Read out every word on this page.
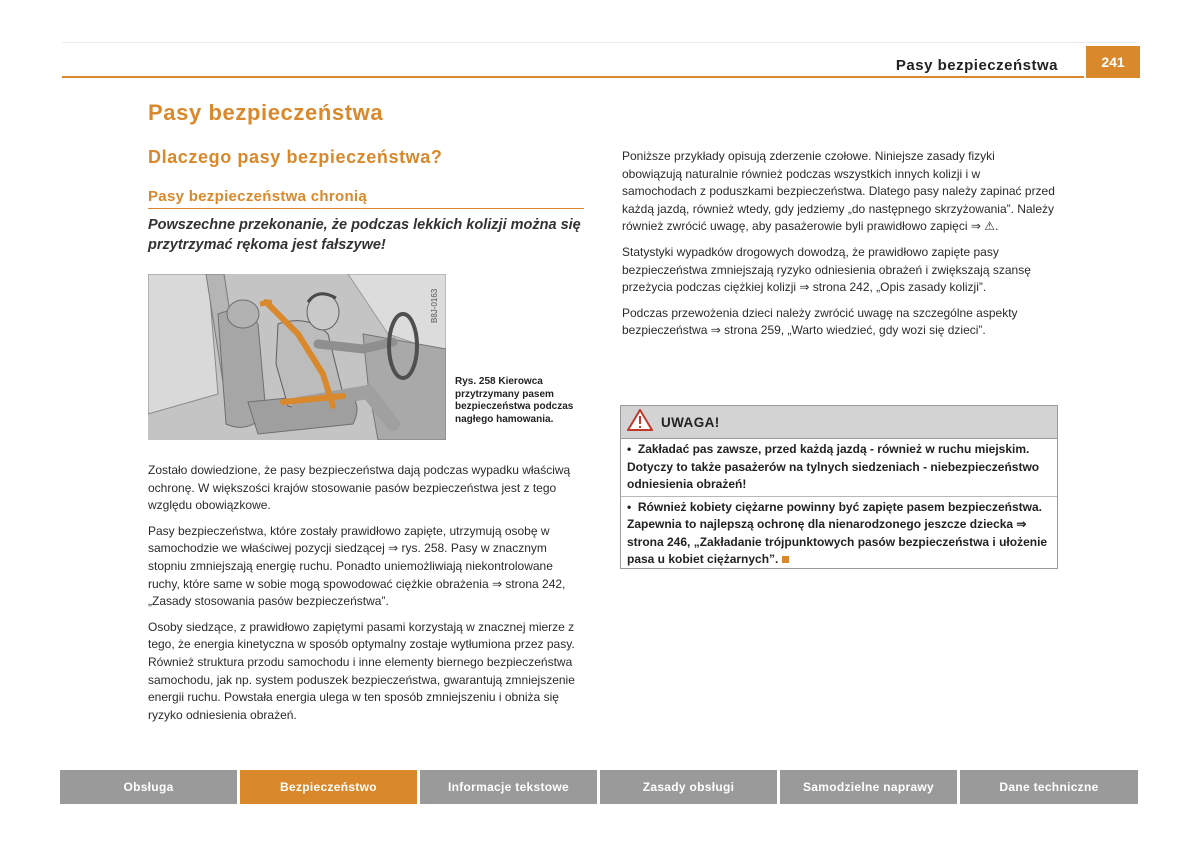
Pasy bezpieczeństwa	241
Pasy bezpieczeństwa
Dlaczego pasy bezpieczeństwa?
Pasy bezpieczeństwa chronią
Powszechne przekonanie, że podczas lekkich kolizji można się przytrzymać rękoma jest fałszywe!
B8J-0163
Rys. 258 Kierowca przytrzymany pasem bezpieczeństwa podczas nagłego hamowania.

Zostało dowiedzione, że pasy bezpieczeństwa dają podczas wypadku właściwą ochronę. W większości krajów stosowanie pasów bezpieczeństwa jest z tego względu obowiązkowe.

Pasy bezpieczeństwa, które zostały prawidłowo zapięte, utrzymują osobę w samochodzie we właściwej pozycji siedzącej ⇒ rys. 258. Pasy w znacznym stopniu zmniejszają energię ruchu. Ponadto uniemożliwiają niekontrolowane ruchy, które same w sobie mogą spowodować ciężkie obrażenia ⇒ strona 242, „Zasady stosowania pasów bezpieczeństwa”.

Osoby siedzące, z prawidłowo zapiętymi pasami korzystają w znacznej mierze z tego, że energia kinetyczna w sposób optymalny zostaje wytłumiona przez pasy. Również struktura przodu samochodu i inne elementy biernego bezpieczeństwa samochodu, jak np. system poduszek bezpieczeństwa, gwarantują zmniejszenie energii ruchu. Powstała energia ulega w ten sposób zmniejszeniu i obniża się ryzyko odniesienia obrażeń.

Poniższe przykłady opisują zderzenie czołowe. Niniejsze zasady fizyki obowiązują naturalnie również podczas wszystkich innych kolizji i w samochodach z poduszkami bezpieczeństwa. Dlatego pasy należy zapinać przed każdą jazdą, również wtedy, gdy jedziemy „do następnego skrzyżowania”. Należy również zwrócić uwagę, aby pasażerowie byli prawidłowo zapięci ⇒ ⚠.

Statystyki wypadków drogowych dowodzą, że prawidłowo zapięte pasy bezpieczeństwa zmniejszają ryzyko odniesienia obrażeń i zwiększają szansę przeżycia podczas ciężkiej kolizji ⇒ strona 242, „Opis zasady kolizji”.

Podczas przewożenia dzieci należy zwrócić uwagę na szczególne aspekty bezpieczeństwa ⇒ strona 259, „Warto wiedzieć, gdy wozi się dzieci”.

UWAGA!
•  Zakładać pas zawsze, przed każdą jazdą - również w ruchu miejskim. Dotyczy to także pasażerów na tylnych siedzeniach - niebezpieczeństwo odniesienia obrażeń!
•  Również kobiety ciężarne powinny być zapięte pasem bezpieczeństwa. Zapewnia to najlepszą ochronę dla nienarodzonego jeszcze dziecka ⇒ strona 246, „Zakładanie trójpunktowych pasów bezpieczeństwa i ułożenie pasa u kobiet ciężarnych”.
Obsługa	Bezpieczeństwo	Informacje tekstowe	Zasady obsługi	Samodzielne naprawy	Dane techniczne
